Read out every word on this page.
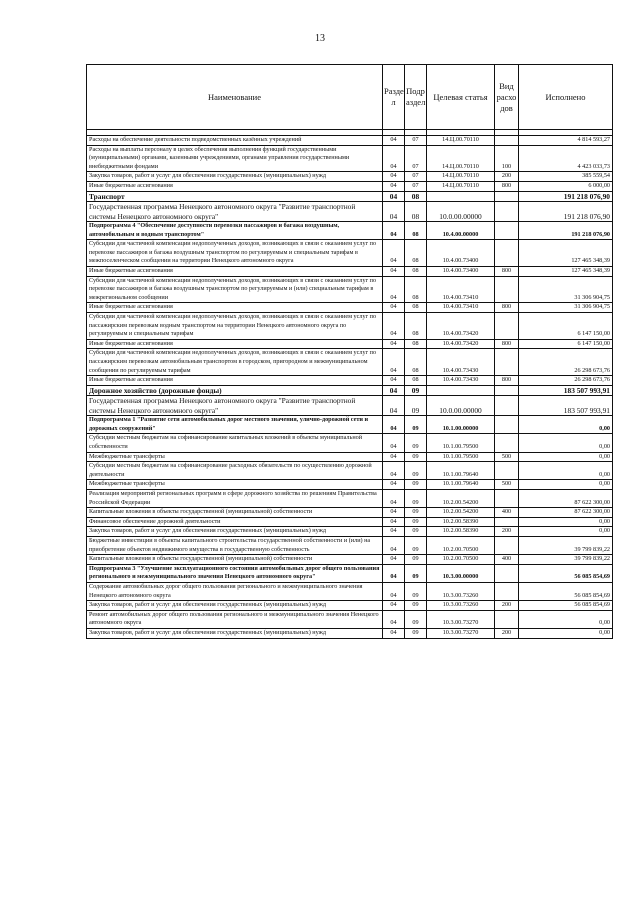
13
Наименование	Разде л	Подр аздел	Целевая статья	Вид расхо дов	Исполнено

Расходы на обеспечение деятельности подведомственных казённых учреждений	04	07	14.Ц.00.70110		4 814 593,27
Расходы на выплаты персоналу в целях обеспечения выполнения функций государственными (муниципальными) органами, казенными учреждениями, органами управления государственными внебюджетными фондами	04	07	14.Ц.00.70110	100	4 423 033,73
Закупка товаров, работ и услуг для обеспечения государственных (муниципальных) нужд	04	07	14.Ц.00.70110	200	385 559,54
Иные бюджетные ассигнования	04	07	14.Ц.00.70110	800	6 000,00
Транспорт	04	08			191 218 076,90
Государственная программа Ненецкого автономного округа "Развитие транспортной системы Ненецкого автономного округа"	04	08	10.0.00.00000		191 218 076,90
Подпрограмма 4 "Обеспечение доступности перевозки пассажиров и багажа воздушным, автомобильным и водным транспортом"	04	08	10.4.00.00000		191 218 076,90
Субсидии для частичной компенсации недополученных доходов, возникающих в связи с оказанием услуг по перевозке пассажиров и багажа воздушным транспортом по регулируемым и специальным тарифам в межпоселенческом сообщении на территории Ненецкого автономного округа	04	08	10.4.00.73400		127 465 348,39
Иные бюджетные ассигнования	04	08	10.4.00.73400	800	127 465 348,39
Субсидии для частичной компенсации недополученных доходов, возникающих в связи с оказанием услуг по перевозке пассажиров и багажа воздушным транспортом по регулируемым и (или) специальным тарифам в межрегиональном сообщении	04	08	10.4.00.73410		31 306 904,75
Иные бюджетные ассигнования	04	08	10.4.00.73410	800	31 306 904,75
Субсидии для частичной компенсации недополученных доходов, возникающих в связи с оказанием услуг по пассажирским перевозкам водным транспортом на территории Ненецкого автономного округа по регулируемым и специальным тарифам	04	08	10.4.00.73420		6 147 150,00
Иные бюджетные ассигнования	04	08	10.4.00.73420	800	6 147 150,00
Субсидии для частичной компенсации недополученных доходов, возникающих в связи с оказанием услуг по пассажирским перевозкам автомобильным транспортом в городском, пригородном и межмуниципальном сообщении по регулируемым тарифам	04	08	10.4.00.73430		26 298 673,76
Иные бюджетные ассигнования	04	08	10.4.00.73430	800	26 298 673,76
Дорожное хозяйство (дорожные фонды)	04	09			183 507 993,91
Государственная программа Ненецкого автономного округа "Развитие транспортной системы Ненецкого автономного округа"	04	09	10.0.00.00000		183 507 993,91
Подпрограмма 1 "Развитие сети автомобильных дорог местного значения, улично-дорожной сети и дорожных сооружений"	04	09	10.1.00.00000		0,00
Субсидии местным бюджетам на софинансирование капитальных вложений в объекты муниципальной собственности	04	09	10.1.00.79500		0,00
Межбюджетные трансферты	04	09	10.1.00.79500	500	0,00
Субсидии местным бюджетам на софинансирование расходных обязательств по осуществлению дорожной деятельности	04	09	10.1.00.79640		0,00
Межбюджетные трансферты	04	09	10.1.00.79640	500	0,00
Реализация мероприятий региональных программ в сфере дорожного хозяйства по решениям Правительства Российской Федерации	04	09	10.2.00.54200		87 622 300,00
Капитальные вложения в объекты государственной (муниципальной) собственности	04	09	10.2.00.54200	400	87 622 300,00
Финансовое обеспечение дорожной деятельности	04	09	10.2.00.58390		0,00
Закупка товаров, работ и услуг для обеспечения государственных (муниципальных) нужд	04	09	10.2.00.58390	200	0,00
Бюджетные инвестиции в объекты капитального строительства государственной собственности и (или) на приобретение объектов недвижимого имущества в государственную собственность	04	09	10.2.00.70500		39 799 839,22
Капитальные вложения в объекты государственной (муниципальной) собственности	04	09	10.2.00.70500	400	39 799 839,22
Подпрограмма 3 "Улучшение эксплуатационного состояния автомобильных дорог общего пользования регионального и межмуниципального значения Ненецкого автономного округа"	04	09	10.3.00.00000		56 085 854,69
Содержание автомобильных дорог общего пользования регионального и межмуниципального значения Ненецкого автономного округа	04	09	10.3.00.73260		56 085 854,69
Закупка товаров, работ и услуг для обеспечения государственных (муниципальных) нужд	04	09	10.3.00.73260	200	56 085 854,69
Ремонт автомобильных дорог общего пользования регионального и межмуниципального значения Ненецкого автономного округа	04	09	10.3.00.73270		0,00
Закупка товаров, работ и услуг для обеспечения государственных (муниципальных) нужд	04	09	10.3.00.73270	200	0,00
